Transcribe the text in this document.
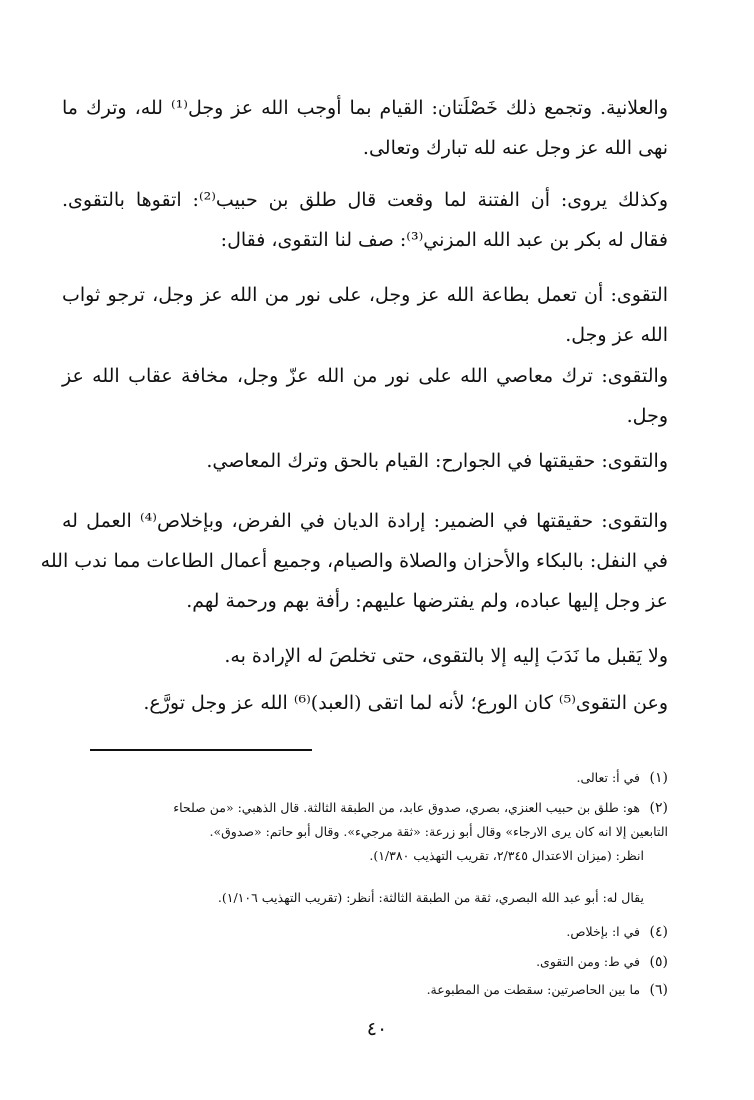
والعلانية. وتجمع ذلك خَصْلَتان: القيام بما أوجب الله عز وجل⁽¹⁾ لله، وترك ما
نهى الله عز وجل عنه لله تبارك وتعالى.
وكذلك يروى: أن الفتنة لما وقعت قال طلق بن حبيب⁽²⁾: اتقوها بالتقوى.
فقال له بكر بن عبد الله المزني⁽³⁾: صف لنا التقوى، فقال:
التقوى: أن تعمل بطاعة الله عز وجل، على نور من الله عز وجل، ترجو ثواب
الله عز وجل.
والتقوى: ترك معاصي الله على نور من الله عزّ وجل، مخافة عقاب الله عز
وجل.
والتقوى: حقيقتها في الجوارح: القيام بالحق وترك المعاصي.
والتقوى: حقيقتها في الضمير: إرادة الديان في الفرض، وبإخلاص⁽⁴⁾ العمل له
في النفل: بالبكاء والأحزان والصلاة والصيام، وجميع أعمال الطاعات مما ندب الله
عز وجل إليها عباده، ولم يفترضها عليهم: رأفة بهم ورحمة لهم.
ولا يَقبل ما نَدَبَ إليه إلا بالتقوى، حتى تخلصَ له الإرادة به.
وعن التقوى⁽⁵⁾ كان الورع؛ لأنه لما اتقى (العبد)⁽⁶⁾ الله عز وجل تورَّع.
(١) في أ: تعالى.
(٢) هو: طلق بن حبيب العنزي، بصري، صدوق عابد، من الطبقة الثالثة. قال الذهبي: «من صلحاء
التابعين إلا انه كان يرى الارجاء» وقال أبو زرعة: «ثقة مرجيء». وقال أبو حاتم: «صدوق».
انظر: (ميزان الاعتدال ٢/٣٤٥، تقريب التهذيب ١/٣٨٠).
يقال له: أبو عبد الله البصري، ثقة من الطبقة الثالثة: أنظر: (تقريب التهذيب ١/١٠٦).
(٤) في ا: بإخلاص.
(٥) في ط: ومن التقوى.
(٦) ما بين الحاصرتين: سقطت من المطبوعة.
٤٠
